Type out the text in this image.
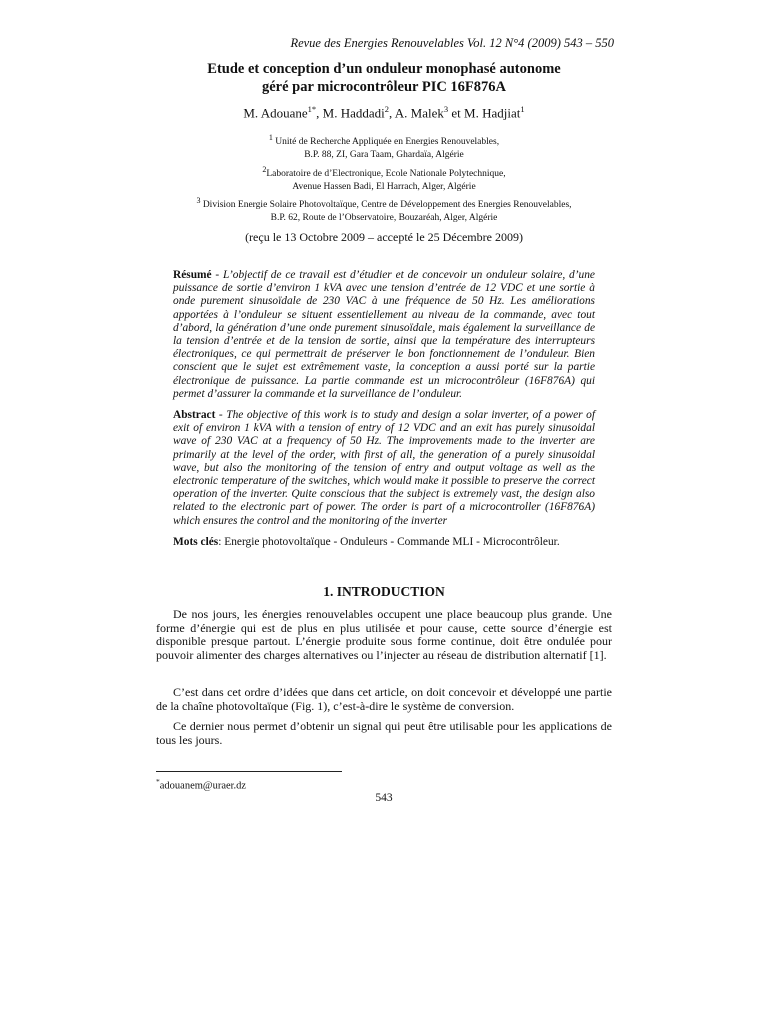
Revue des Energies Renouvelables Vol. 12 N°4 (2009) 543 – 550
Etude et conception d’un onduleur monophasé autonome
géré par microcontrôleur PIC 16F876A
M. Adouane$^{1*}$, M. Haddadi$^2$, A. Malek$^3$ et M. Hadjiat$^1$
$^1$ Unité de Recherche Appliquée en Energies Renouvelables,
B.P. 88, ZI, Gara Taam, Ghardaïa, Algérie
$^2$Laboratoire de d’Electronique, Ecole Nationale Polytechnique,
Avenue Hassen Badi, El Harrach, Alger, Algérie
$^3$ Division Energie Solaire Photovoltaïque, Centre de Développement des Energies Renouvelables,
B.P. 62, Route de l’Observatoire, Bouzaréah, Alger, Algérie
(reçu le 13 Octobre 2009 – accepté le 25 Décembre 2009)
Résumé - L’objectif de ce travail est d’étudier et de concevoir un onduleur solaire, d’une puissance de sortie d’environ 1 kVA avec une tension d’entrée de 12 VDC et une sortie à onde purement sinusoïdale de 230 VAC à une fréquence de 50 Hz. Les améliorations apportées à l’onduleur se situent essentiellement au niveau de la commande, avec tout d’abord, la génération d’une onde purement sinusoïdale, mais également la surveillance de la tension d’entrée et de la tension de sortie, ainsi que la température des interrupteurs électroniques, ce qui permettrait de préserver le bon fonctionnement de l’onduleur. Bien conscient que le sujet est extrêmement vaste, la conception a aussi porté sur la partie électronique de puissance. La partie commande est un microcontrôleur (16F876A) qui permet d’assurer la commande et la surveillance de l’onduleur.
Abstract - The objective of this work is to study and design a solar inverter, of a power of exit of environ 1 kVA with a tension of entry of 12 VDC and an exit has purely sinusoidal wave of 230 VAC at a frequency of 50 Hz. The improvements made to the inverter are primarily at the level of the order, with first of all, the generation of a purely sinusoidal wave, but also the monitoring of the tension of entry and output voltage as well as the electronic temperature of the switches, which would make it possible to preserve the correct operation of the inverter. Quite conscious that the subject is extremely vast, the design also related to the electronic part of power. The order is part of a microcontroller (16F876A) which ensures the control and the monitoring of the inverter
Mots clés: Energie photovoltaïque - Onduleurs - Commande MLI - Microcontrôleur.
1. INTRODUCTION
De nos jours, les énergies renouvelables occupent une place beaucoup plus grande. Une forme d’énergie qui est de plus en plus utilisée et pour cause, cette source d’énergie est disponible presque partout. L’énergie produite sous forme continue, doit être ondulée pour pouvoir alimenter des charges alternatives ou l’injecter au réseau de distribution alternatif [1].
C’est dans cet ordre d’idées que dans cet article, on doit concevoir et développé une partie de la chaîne photovoltaïque (Fig. 1), c’est-à-dire le système de conversion.
Ce dernier nous permet d’obtenir un signal qui peut être utilisable pour les applications de tous les jours.
*adouanem@uraer.dz
543
